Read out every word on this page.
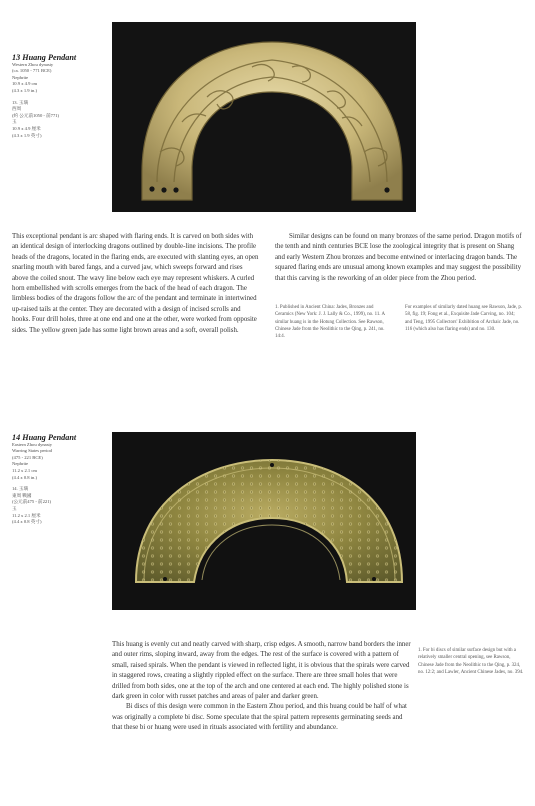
13 Huang Pendant
Western Zhou dynasty
(ca. 1050 - 771 BCE)
Nephrite
10.9 x 4.9 cm
(4.3 x 1.9 in.)
13. 玉璜
西周
(約 公元前1050 - 前771)
玉
10.9 x 4.9 厘米
(4.3 x 1.9 英寸)

This exceptional pendant is arc shaped with flaring ends. It is carved on both sides with an identical design of interlocking dragons outlined by double-line incisions. The profile heads of the dragons, located in the flaring ends, are executed with slanting eyes, an open snarling mouth with bared fangs, and a curved jaw, which sweeps forward and rises above the coiled snout. The wavy line below each eye may represent whiskers. A curled horn embellished with scrolls emerges from the back of the head of each dragon. The limbless bodies of the dragons follow the arc of the pendant and terminate in intertwined up-raised tails at the center. They are decorated with a design of incised scrolls and hooks. Four drill holes, three at one end and one at the other, were worked from opposite sides. The yellow green jade has some light brown areas and a soft, overall polish.

Similar designs can be found on many bronzes of the same period. Dragon motifs of the tenth and ninth centuries BCE lose the zoological integrity that is present on Shang and early Western Zhou bronzes and become entwined or interlacing dragon bands. The squared flaring ends are unusual among known examples and may suggest the possibility that this carving is the reworking of an older piece from the Zhou period.

1. Published in Ancient China: Jades, Bronzes and Ceramics (New York: J. J. Lally & Co., 1999), no. 11. A similar huang is in the Hotung Collection. See Rawson, Chinese Jade from the Neolithic to the Qing, p. 241, no. 14:4.

For examples of similarly dated huang see Rawson, Jade, p. 58, fig. 19; Fong et al., Exquisite Jade Carving, no. 104; and Teng, 1995 Collectors' Exhibition of Archaic Jade, no. 116 (which also has flaring ends) and no. 130.

14 Huang Pendant
Eastern Zhou dynasty
Warring States period
(475 - 221 BCE)
Nephrite
11.2 x 2.1 cm
(4.4 x 0.8 in.)
14. 玉璜
東周 戰國
(公元前475 - 前221)
玉
11.2 x 2.1 厘米
(4.4 x 0.8 英寸)

This huang is evenly cut and neatly carved with sharp, crisp edges. A smooth, narrow band borders the inner and outer rims, sloping inward, away from the edges. The rest of the surface is covered with a pattern of small, raised spirals. When the pendant is viewed in reflected light, it is obvious that the spirals were carved in staggered rows, creating a slightly rippled effect on the surface. There are three small holes that were drilled from both sides, one at the top of the arch and one centered at each end. The highly polished stone is dark green in color with russet patches and areas of paler and darker green.

Bi discs of this design were common in the Eastern Zhou period, and this huang could be half of what was originally a complete bi disc. Some speculate that the spiral pattern represents germinating seeds and that these bi or huang were used in rituals associated with fertility and abundance.

1. For bi discs of similar surface design but with a relatively smaller central opening, see Rawson, Chinese Jade from the Neolithic to the Qing, p. 324, no. 12:2; and Lawler, Ancient Chinese Jades, no. 394.
